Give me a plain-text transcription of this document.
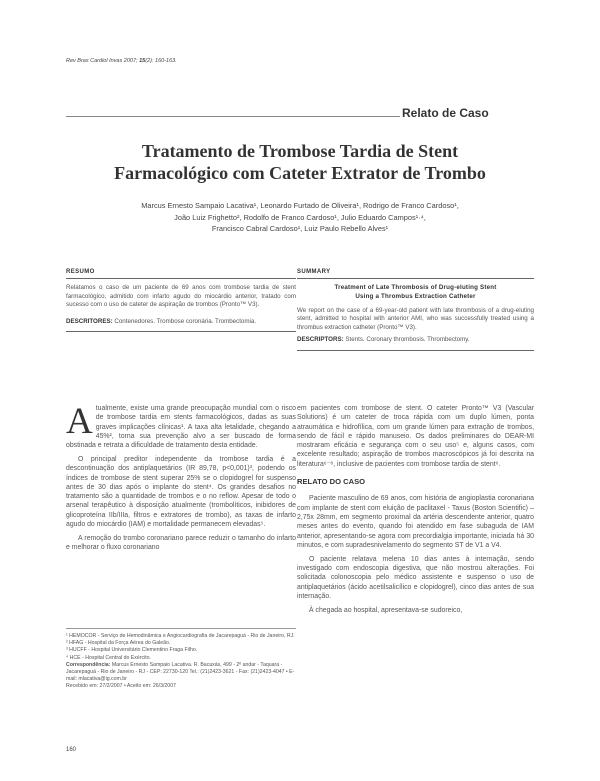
Rev Bras Cardiol Invas 2007; 15(2): 160-163.
Relato de Caso
Tratamento de Trombose Tardia de Stent
Farmacológico com Cateter Extrator de Trombo
Marcus Ernesto Sampaio Lacativa¹, Leonardo Furtado de Oliveira¹, Rodrigo de Franco Cardoso¹,
João Luiz Frighetto², Rodolfo de Franco Cardoso¹, Julio Eduardo Campos¹·⁴,
Francisco Cabral Cardoso¹, Luiz Paulo Rebello Alves¹
RESUMO
Relatamos o caso de um paciente de 69 anos com trombose tardia de stent farmacológico, admitido com infarto agudo do miocárdio anterior, tratado com sucesso com o uso de cateter de aspiração de trombos (Pronto™ V3).
DESCRITORES: Contenedores. Trombose coronária. Trombectomia.
SUMMARY
Treatment of Late Thrombosis of Drug-eluting Stent
Using a Thrombus Extraction Catheter
We report on the case of a 69-year-old patient with late thrombosis of a drug-eluting stent, admitted to hospital with anterior AMI, who was successfully treated using a thrombus extraction catheter (Pronto™ V3).
DESCRIPTORS: Stents. Coronary thrombosis. Thrombectomy.

Atualmente, existe uma grande preocupação mundial com o risco de trombose tardia em stents farmacológicos, dadas as suas graves implicações clínicas¹. A taxa alta letalidade, chegando a 45%², torna sua prevenção alvo a ser buscado de forma obstinada e retrata a dificuldade de tratamento desta entidade.

O principal preditor independente da trombose tardia é a descontinuação dos antiplaquetários (IR 89,78, p<0,001)³, podendo os índices de trombose de stent superar 25% se o clopidogrel for suspenso antes de 30 dias após o implante do stent⁴. Os grandes desafios no tratamento são a quantidade de trombos e o no reflow. Apesar de todo o arsenal terapêutico à disposição atualmente (trombolíticos, inibidores de glicoproteína IIb/IIIa, filtros e extratores de trombo), as taxas de infarto agudo do miocárdio (IAM) e mortalidade permanecem elevadas⁵.

A remoção do trombo coronariano parece reduzir o tamanho do infarto e melhorar o fluxo coronariano

em pacientes com trombose de stent. O cateter Pronto™ V3 (Vascular Solutions) é um cateter de troca rápida com um duplo lúmen, ponta atraumática e hidrofílica, com um grande lúmen para extração de trombos, sendo de fácil e rápido manuseio. Os dados preliminares do DEAR-MI mostraram eficácia e segurança com o seu uso⁵ e, alguns casos, com excelente resultado; aspiração de trombos macroscópicos já foi descrita na literatura⁶⁻⁸, inclusive de pacientes com trombose tardia de stent⁶.

RELATO DO CASO

Paciente masculino de 69 anos, com história de angioplastia coronariana com implante de stent com eluição de paclitaxel - Taxus (Boston Scientific) – 2,75x 28mm, em segmento proximal da artéria descendente anterior, quatro meses antes do evento, quando foi atendido em fase subaguda de IAM anterior, apresentando-se agora com precordialgia importante, iniciada há 30 minutos, e com supradesnivelamento do segmento ST de V1 a V4.

O paciente relatava melena 10 dias antes à internação, sendo investigado com endoscopia digestiva, que não mostrou alterações. Foi solicitada colonoscopia pelo médico assistente e suspenso o uso de antiplaquetários (ácido acetilsalicílico e clopidogrel), cinco dias antes de sua internação.

À chegada ao hospital, apresentava-se sudoreico,

¹ HEMOCOR - Serviço de Hemodinâmica e Angiocardiografia de Jacarepaguá - Rio de Janeiro, RJ.
² HFAG - Hospital da Força Aérea do Galeão.
³ HUCFF - Hospital Universitário Clementino Fraga Filho.
⁴ HCE - Hospital Central do Exército.
Correspondência: Marcus Ernesto Sampaio Lacativa. R. Bacaxás, 499 - 2º andar - Taquara - Jacarepaguá - Rio de Janeiro - RJ - CEP: 22730-120 Tel.: (21)2423-3621 - Fax: (21)2423-4047 • E-mail: mlacativa@ig.com.br
Recebido em: 27/2/2007 • Aceito em: 26/3/2007
160
